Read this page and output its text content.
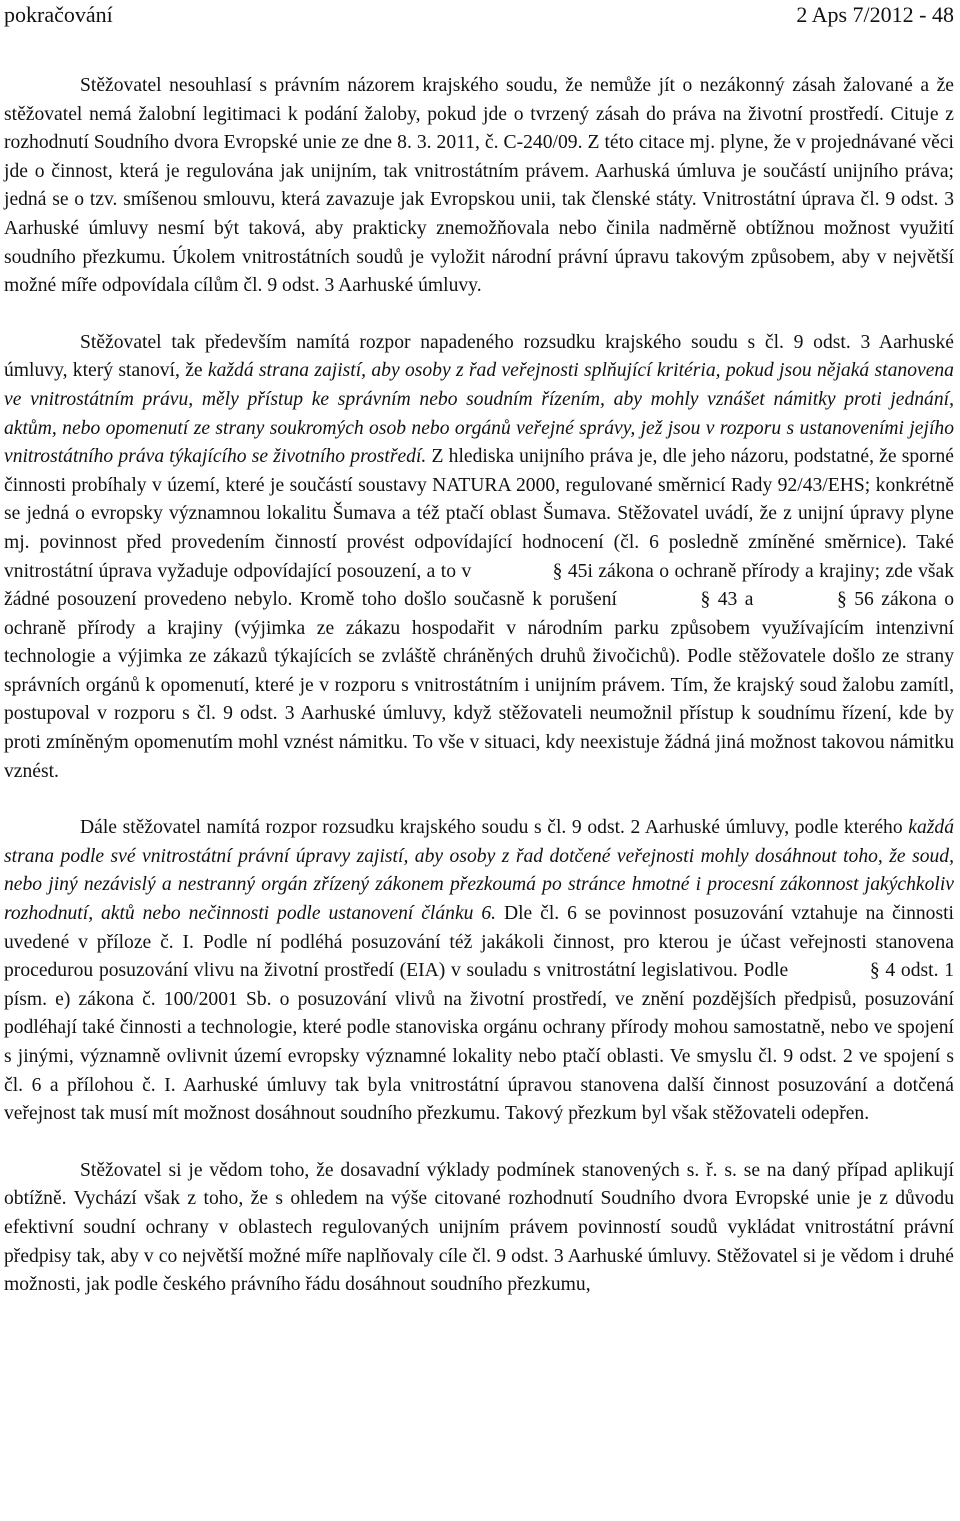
pokračování	2 Aps 7/2012 - 48

Stěžovatel nesouhlasí s právním názorem krajského soudu, že nemůže jít o nezákonný zásah žalované a že stěžovatel nemá žalobní legitimaci k podání žaloby, pokud jde o tvrzený zásah do práva na životní prostředí. Cituje z rozhodnutí Soudního dvora Evropské unie ze dne 8. 3. 2011, č. C-240/09. Z této citace mj. plyne, že v projednávané věci jde o činnost, která je regulována jak unijním, tak vnitrostátním právem. Aarhuská úmluva je součástí unijního práva; jedná se o tzv. smíšenou smlouvu, která zavazuje jak Evropskou unii, tak členské státy. Vnitrostátní úprava čl. 9 odst. 3 Aarhuské úmluvy nesmí být taková, aby prakticky znemožňovala nebo činila nadměrně obtížnou možnost využití soudního přezkumu. Úkolem vnitrostátních soudů je vyložit národní právní úpravu takovým způsobem, aby v největší možné míře odpovídala cílům čl. 9 odst. 3 Aarhuské úmluvy.

Stěžovatel tak především namítá rozpor napadeného rozsudku krajského soudu s čl. 9 odst. 3 Aarhuské úmluvy, který stanoví, že každá strana zajistí, aby osoby z řad veřejnosti splňující kritéria, pokud jsou nějaká stanovena ve vnitrostátním právu, měly přístup ke správním nebo soudním řízením, aby mohly vznášet námitky proti jednání, aktům, nebo opomenutí ze strany soukromých osob nebo orgánů veřejné správy, jež jsou v rozporu s ustanoveními jejího vnitrostátního práva týkajícího se životního prostředí. Z hlediska unijního práva je, dle jeho názoru, podstatné, že sporné činnosti probíhaly v území, které je součástí soustavy NATURA 2000, regulované směrnicí Rady 92/43/EHS; konkrétně se jedná o evropsky významnou lokalitu Šumava a též ptačí oblast Šumava. Stěžovatel uvádí, že z unijní úpravy plyne mj. povinnost před provedením činností provést odpovídající hodnocení (čl. 6 posledně zmíněné směrnice). Také vnitrostátní úprava vyžaduje odpovídající posouzení, a to v	§ 45i zákona o ochraně přírody a krajiny; zde však žádné posouzení provedeno nebylo. Kromě toho došlo současně k porušení	§ 43 a	§ 56 zákona o ochraně přírody a krajiny (výjimka ze zákazu hospodařit v národním parku způsobem využívajícím intenzivní technologie a výjimka ze zákazů týkajících se zvláště chráněných druhů živočichů). Podle stěžovatele došlo ze strany správních orgánů k opomenutí, které je v rozporu s vnitrostátním i unijním právem. Tím, že krajský soud žalobu zamítl, postupoval v rozporu s čl. 9 odst. 3 Aarhuské úmluvy, když stěžovateli neumožnil přístup k soudnímu řízení, kde by proti zmíněným opomenutím mohl vznést námitku. To vše v situaci, kdy neexistuje žádná jiná možnost takovou námitku vznést.

Dále stěžovatel namítá rozpor rozsudku krajského soudu s čl. 9 odst. 2 Aarhuské úmluvy, podle kterého každá strana podle své vnitrostátní právní úpravy zajistí, aby osoby z řad dotčené veřejnosti mohly dosáhnout toho, že soud, nebo jiný nezávislý a nestranný orgán zřízený zákonem přezkoumá po stránce hmotné i procesní zákonnost jakýchkoliv rozhodnutí, aktů nebo nečinnosti podle ustanovení článku 6. Dle čl. 6 se povinnost posuzování vztahuje na činnosti uvedené v příloze č. I. Podle ní podléhá posuzování též jakákoli činnost, pro kterou je účast veřejnosti stanovena procedurou posuzování vlivu na životní prostředí (EIA) v souladu s vnitrostátní legislativou. Podle	§ 4 odst. 1 písm. e) zákona č. 100/2001 Sb. o posuzování vlivů na životní prostředí, ve znění pozdějších předpisů, posuzování podléhají také činnosti a technologie, které podle stanoviska orgánu ochrany přírody mohou samostatně, nebo ve spojení s jinými, významně ovlivnit území evropsky významné lokality nebo ptačí oblasti. Ve smyslu čl. 9 odst. 2 ve spojení s čl. 6 a přílohou č. I. Aarhuské úmluvy tak byla vnitrostátní úpravou stanovena další činnost posuzování a dotčená veřejnost tak musí mít možnost dosáhnout soudního přezkumu. Takový přezkum byl však stěžovateli odepřen.

Stěžovatel si je vědom toho, že dosavadní výklady podmínek stanovených s. ř. s. se na daný případ aplikují obtížně. Vychází však z toho, že s ohledem na výše citované rozhodnutí Soudního dvora Evropské unie je z důvodu efektivní soudní ochrany v oblastech regulovaných unijním právem povinností soudů vykládat vnitrostátní právní předpisy tak, aby v co největší možné míře naplňovaly cíle čl. 9 odst. 3 Aarhuské úmluvy. Stěžovatel si je vědom i druhé možnosti, jak podle českého právního řádu dosáhnout soudního přezkumu,
